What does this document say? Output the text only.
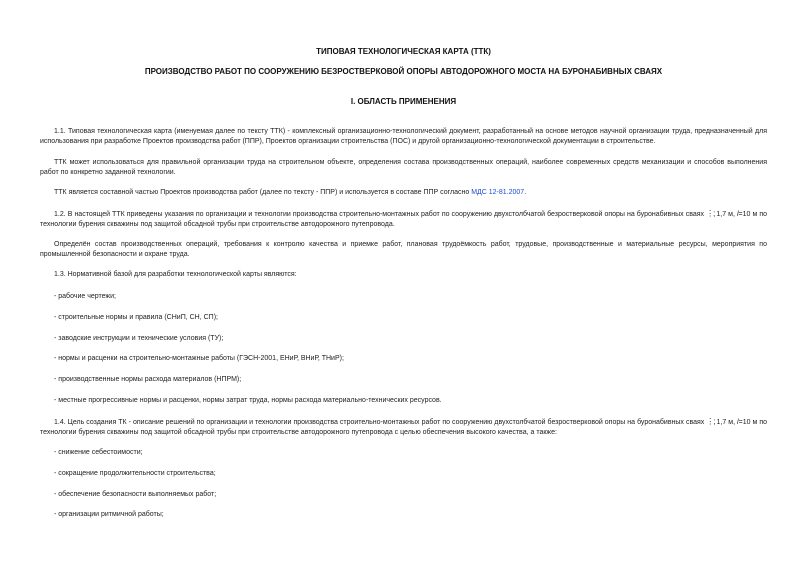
ТИПОВАЯ ТЕХНОЛОГИЧЕСКАЯ КАРТА (ТТК)
ПРОИЗВОДСТВО РАБОТ ПО СООРУЖЕНИЮ БЕЗРОСТВЕРКОВОЙ ОПОРЫ АВТОДОРОЖНОГО МОСТА НА БУРОНАБИВНЫХ СВАЯХ
I. ОБЛАСТЬ ПРИМЕНЕНИЯ
1.1. Типовая технологическая карта (именуемая далее по тексту ТТК) - комплексный организационно-технологический документ, разработанный на основе методов научной организации труда, предназначенный для использования при разработке Проектов производства работ (ППР), Проектов организации строительства (ПОС) и другой организационно-технологической документации в строительстве.
ТТК может использоваться для правильной организации труда на строительном объекте, определения состава производственных операций, наиболее современных средств механизации и способов выполнения работ по конкретно заданной технологии.
ТТК является составной частью Проектов производства работ (далее по тексту - ППР) и используется в составе ППР согласно МДС 12-81.2007.
1.2. В настоящей ТТК приведены указания по организации и технологии производства строительно-монтажных работ по сооружению двухстолбчатой безростверковой опоры на буронабивных сваях ⋮; 1,7 м, l=10 м по технологии бурения скважины под защитой обсадной трубы при строительстве автодорожного путепровода.
Определён состав производственных операций, требования к контролю качества и приемке работ, плановая трудоёмкость работ, трудовые, производственные и материальные ресурсы, мероприятия по промышленной безопасности и охране труда.
1.3. Нормативной базой для разработки технологической карты являются:
- рабочие чертежи;
- строительные нормы и правила (СНиП, СН, СП);
- заводские инструкции и технические условия (ТУ);
- нормы и расценки на строительно-монтажные работы (ГЭСН-2001, ЕНиР, ВНиР, ТНиР);
- производственные нормы расхода материалов (НПРМ);
- местные прогрессивные нормы и расценки, нормы затрат труда, нормы расхода материально-технических ресурсов.
1.4. Цель создания ТК - описание решений по организации и технологии производства строительно-монтажных работ по сооружению двухстолбчатой безростверковой опоры на буронабивных сваях ⋮; 1,7 м, l=10 м по технологии бурения скважины под защитой обсадной трубы при строительстве автодорожного путепровода с целью обеспечения высокого качества, а также:
- снижение себестоимости;
- сокращение продолжительности строительства;
- обеспечение безопасности выполняемых работ;
- организации ритмичной работы;
